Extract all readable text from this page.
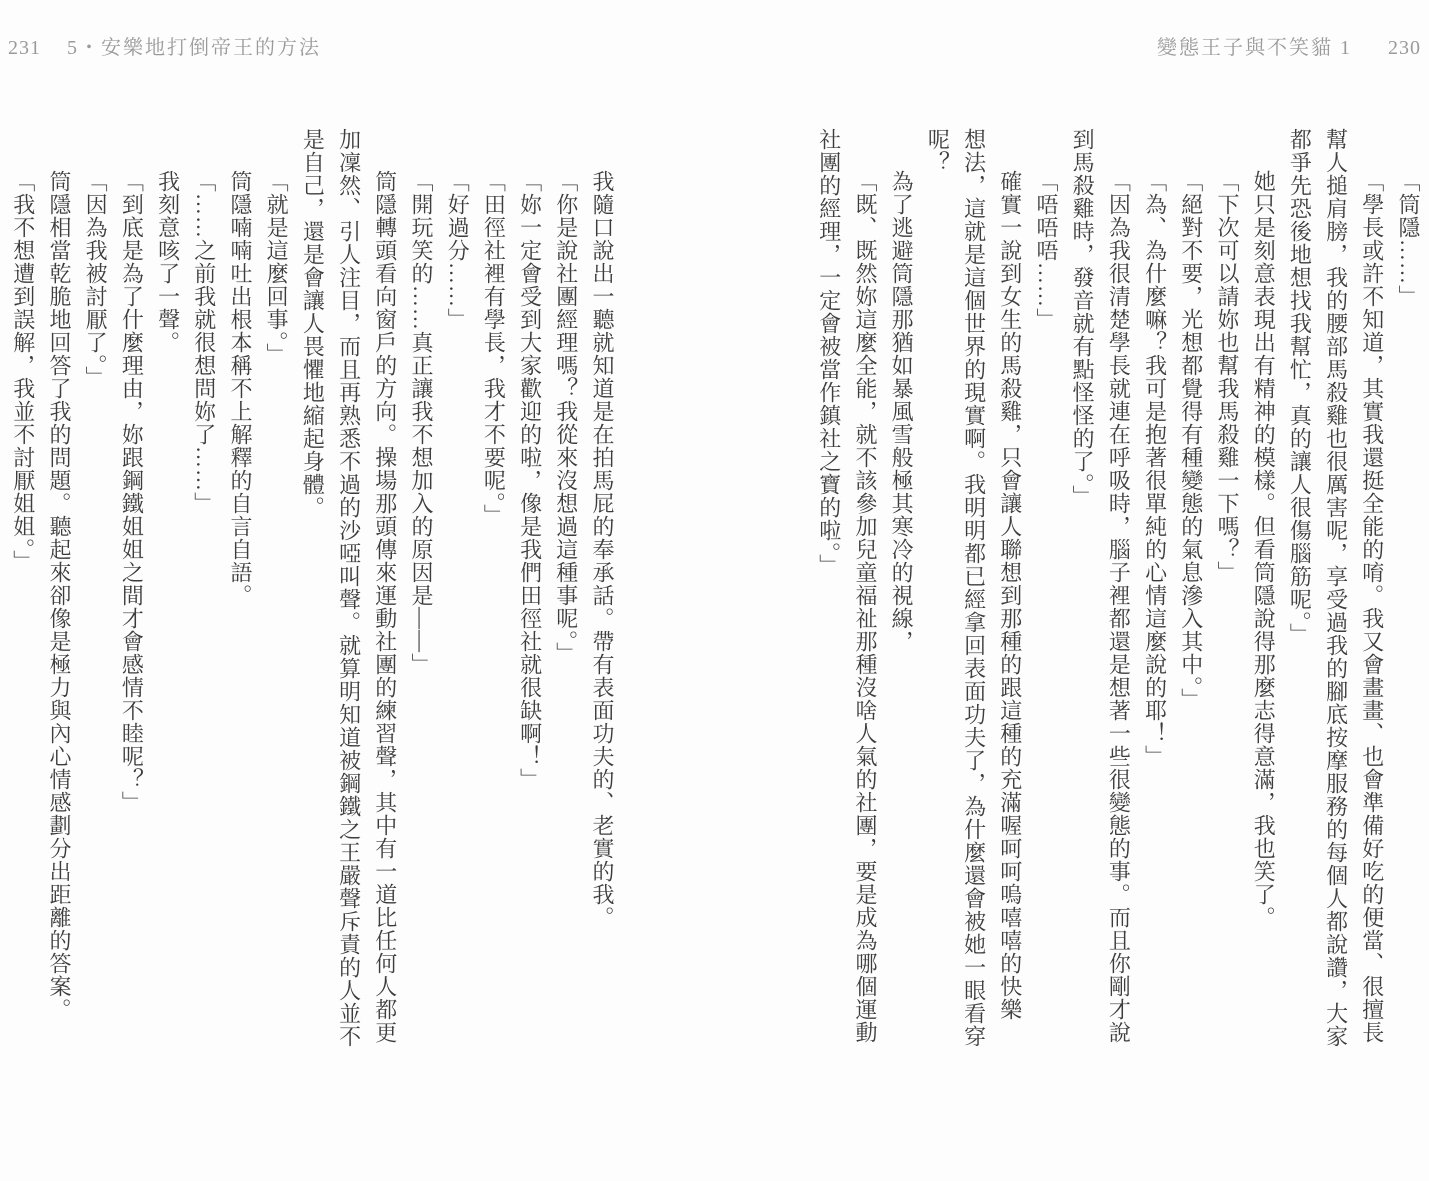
231 5・安樂地打倒帝王的方法	變態王子與不笑貓 1 230
「筒隱……」
「學長或許不知道，其實我還挺全能的唷。我又會畫畫、也會準備好吃的便當、很擅長
幫人搥肩膀，我的腰部馬殺雞也很厲害呢，享受過我的腳底按摩服務的每個人都說讚，大家
都爭先恐後地想找我幫忙，真的讓人很傷腦筋呢。」
她只是刻意表現出有精神的模樣。但看筒隱說得那麼志得意滿，我也笑了。
「下次可以請妳也幫我馬殺雞一下嗎？」
「絕對不要，光想都覺得有種變態的氣息滲入其中。」
「為、為什麼嘛？我可是抱著很單純的心情這麼說的耶！」
「因為我很清楚學長就連在呼吸時，腦子裡都還是想著一些很變態的事。而且你剛才說
到馬殺雞時，發音就有點怪怪的了。」
「唔唔唔……」
確實一說到女生的馬殺雞，只會讓人聯想到那種的跟這種的充滿喔呵呵嗚嘻嘻的快樂
想法，這就是這個世界的現實啊。我明明都已經拿回表面功夫了，為什麼還會被她一眼看穿
呢？
為了逃避筒隱那猶如暴風雪般極其寒冷的視線，
「既、既然妳這麼全能，就不該參加兒童福祉那種沒啥人氣的社團，要是成為哪個運動
社團的經理，一定會被當作鎮社之寶的啦。」
我隨口說出一聽就知道是在拍馬屁的奉承話。帶有表面功夫的、老實的我。
「你是說社團經理嗎？我從來沒想過這種事呢。」
「妳一定會受到大家歡迎的啦，像是我們田徑社就很缺啊！」
「田徑社裡有學長，我才不要呢。」
「好過分……」
「開玩笑的……真正讓我不想加入的原因是——」
筒隱轉頭看向窗戶的方向。操場那頭傳來運動社團的練習聲，其中有一道比任何人都更
加凜然、引人注目，而且再熟悉不過的沙啞叫聲。就算明知道被鋼鐵之王嚴聲斥責的人並不
是自己，還是會讓人畏懼地縮起身體。
「就是這麼回事。」
筒隱喃喃吐出根本稱不上解釋的自言自語。
「……之前我就很想問妳了……」
我刻意咳了一聲。
「到底是為了什麼理由，妳跟鋼鐵姐姐之間才會感情不睦呢？」
「因為我被討厭了。」
筒隱相當乾脆地回答了我的問題。聽起來卻像是極力與內心情感劃分出距離的答案。
「我不想遭到誤解，我並不討厭姐姐。」
